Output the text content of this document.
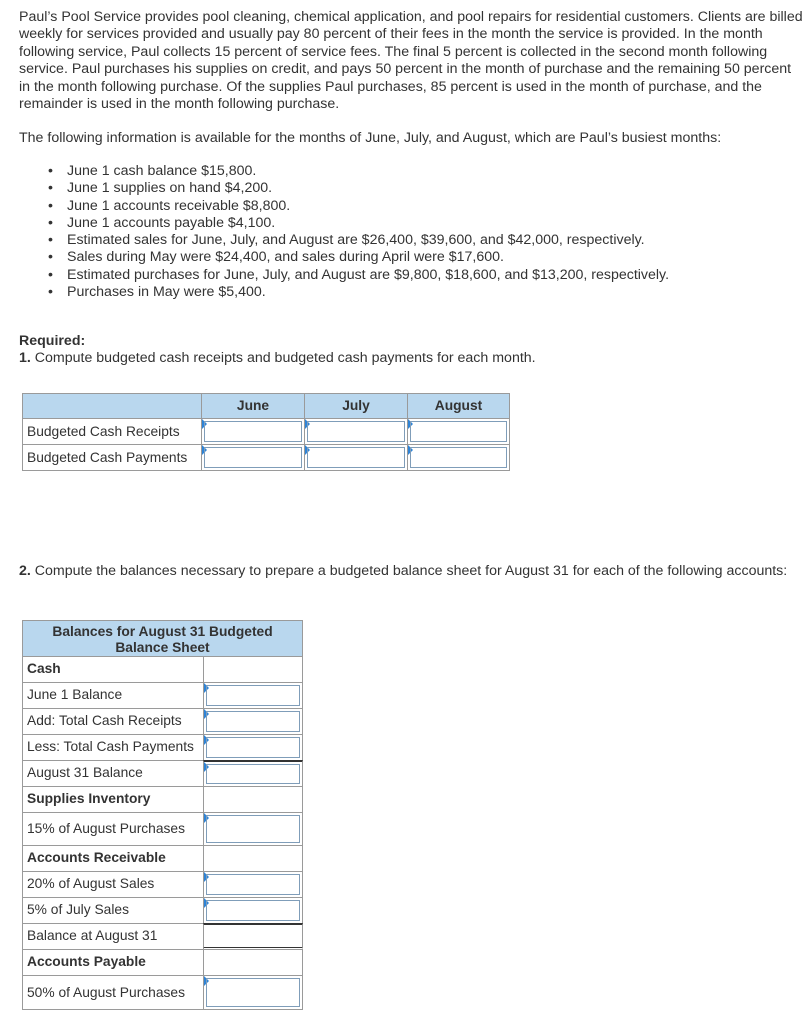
Paul’s Pool Service provides pool cleaning, chemical application, and pool repairs for residential customers. Clients are billed weekly for services provided and usually pay 80 percent of their fees in the month the service is provided. In the month following service, Paul collects 15 percent of service fees. The final 5 percent is collected in the second month following service. Paul purchases his supplies on credit, and pays 50 percent in the month of purchase and the remaining 50 percent in the month following purchase. Of the supplies Paul purchases, 85 percent is used in the month of purchase, and the remainder is used in the month following purchase.

The following information is available for the months of June, July, and August, which are Paul’s busiest months:

• June 1 cash balance $15,800.
• June 1 supplies on hand $4,200.
• June 1 accounts receivable $8,800.
• June 1 accounts payable $4,100.
• Estimated sales for June, July, and August are $26,400, $39,600, and $42,000, respectively.
• Sales during May were $24,400, and sales during April were $17,600.
• Estimated purchases for June, July, and August are $9,800, $18,600, and $13,200, respectively.
• Purchases in May were $5,400.
Required:
1. Compute budgeted cash receipts and budgeted cash payments for each month.
June	July	August
Budgeted Cash Receipts
Budgeted Cash Payments
2. Compute the balances necessary to prepare a budgeted balance sheet for August 31 for each of the following accounts:
Balances for August 31 Budgeted Balance Sheet
Cash
June 1 Balance
Add: Total Cash Receipts
Less: Total Cash Payments
August 31 Balance
Supplies Inventory
15% of August Purchases
Accounts Receivable
20% of August Sales
5% of July Sales
Balance at August 31
Accounts Payable
50% of August Purchases
